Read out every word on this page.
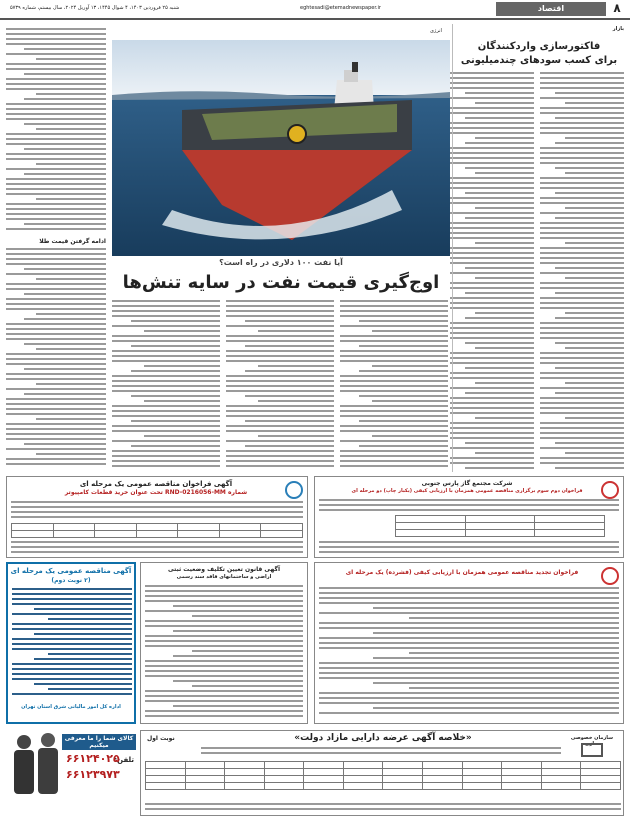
۸
اقتصاد
eghtesadi@etemadnewspaper.ir
شنبه ۲۵ فروردین ۱۴۰۳، ۴ شوال ۱۴۴۵، ۱۳ آوریل ۲۰۲۴، سال بیستم، شماره ۵۷۳۹
بازار
فاکتورسازی واردکنندگان
برای کسب سودهای چندمیلیونی
انرژی
آیا نفت ۱۰۰ دلاری در راه است؟
اوج‌گیری قیمت نفت در سایه تنش‌ها
ادامه گرفتن قیمت طلا
آگهی فراخوان مناقصه عمومی یک مرحله ای
شماره RND-0216056-MM تحت عنوان خرید قطعات کامپیوتر

شرکت مجتمع گاز پارس جنوبی
فراخوان دوم سوم برگزاری مناقصه عمومی همزمان با ارزیابی کیفی (یکبار چاپ) دو مرحله ای

آگهی مناقصه عمومی یک مرحله ای
(۲ نوبت دوم)
اداره کل امور مالیاتی شرق استان تهران
آگهی قانون تعیین تکلیف وضعیت ثبتی
اراضی و ساختمانهای فاقد سند رسمی
فراخوان تجدید مناقصه عمومی همزمان با ارزیابی کیفی (فشرده) یک مرحله ای
کالای شما را ما معرفی میکنیم
تلفن:
۶۶۱۲۴۰۲۵
۶۶۱۲۳۹۷۳
سازمان خصوصی سازی
«خلاصه آگهی عرضه دارایی مازاد دولت»
نوبت اول
